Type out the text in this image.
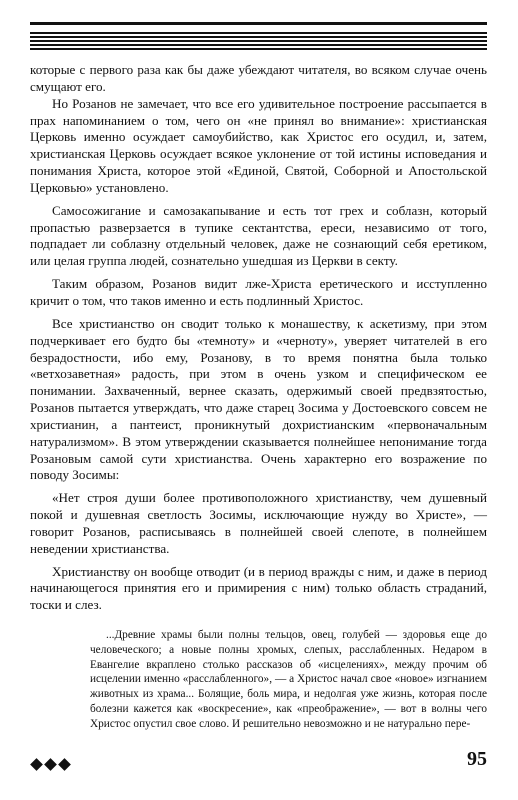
которые с первого раза как бы даже убеждают читателя, во всяком случае очень смущают его.

Но Розанов не замечает, что все его удивительное построение рассыпается в прах напоминанием о том, чего он «не принял во внимание»: христианская Церковь именно осуждает самоубийство, как Христос его осудил, и, затем, христианская Церковь осуждает всякое уклонение от той истины исповедания и понимания Христа, которое этой «Единой, Святой, Соборной и Апостольской Церковью» установлено.

Самосожигание и самозакапывание и есть тот грех и соблазн, который пропастью разверзается в тупике сектантства, ереси, независимо от того, подпадает ли соблазну отдельный человек, даже не сознающий себя еретиком, или целая группа людей, сознательно ушедшая из Церкви в секту.

Таким образом, Розанов видит лже-Христа еретического и исступленно кричит о том, что таков именно и есть подлинный Христос.

Все христианство он сводит только к монашеству, к аскетизму, при этом подчеркивает его будто бы «темноту» и «черноту», уверяет читателей в его безрадостности, ибо ему, Розанову, в то время понятна была только «ветхозаветная» радость, при этом в очень узком и специфическом ее понимании. Захваченный, вернее сказать, одержимый своей предвзятостью, Розанов пытается утверждать, что даже старец Зосима у Достоевского совсем не христианин, а пантеист, проникнутый дохристианским «первоначальным натурализмом». В этом утверждении сказывается полнейшее непонимание тогда Розановым самой сути христианства. Очень характерно его возражение по поводу Зосимы:

«Нет строя души более противоположного христианству, чем душевный покой и душевная светлость Зосимы, исключающие нужду во Христе», — говорит Розанов, расписываясь в полнейшей своей слепоте, в полнейшем неведении христианства.

Христианству он вообще отводит (и в период вражды с ним, и даже в период начинающегося принятия его и примирения с ним) только область страданий, тоски и слез.

...Древние храмы были полны тельцов, овец, голубей — здоровья еще до человеческого; а новые полны хромых, слепых, расслабленных. Недаром в Евангелие вкраплено столько рассказов об «исцелениях», между прочим об исцелении именно «расслабленного», — а Христос начал свое «новое» изгнанием животных из храма... Болящие, боль мира, и недолгая уже жизнь, которая после болезни кажется как «воскресение», как «преображение», — вот в волны чего Христос опустил свое слово. И решительно невозможно и не натурально пере-

95
